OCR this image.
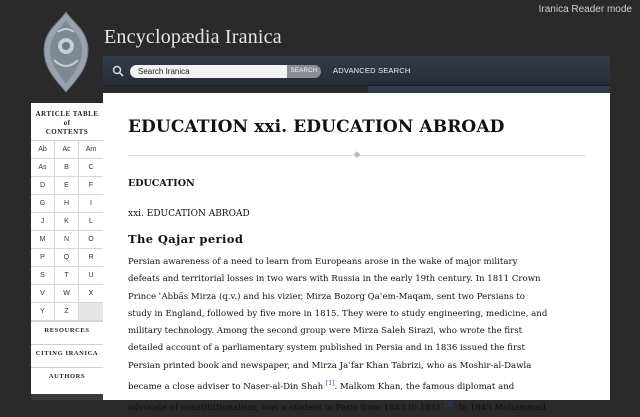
Iranica Reader mode
Encyclopædia Iranica
Search Iranica	SEARCH	ADVANCED SEARCH
ARTICLE TABLE
of
CONTENTS
Ab	Ac	Am
As	B	C
D	E	F
G	H	I
J	K	L
M	N	O
P	Q	R
S	T	U
V	W	X
Y	Z
RESOURCES
CITING IRANICA
AUTHORS
EDUCATION xxi. EDUCATION ABROAD
◆
EDUCATION
xxi. EDUCATION ABROAD
The Qajar period
Persian awareness of a need to learn from Europeans arose in the wake of major military
defeats and territorial losses in two wars with Russia in the early 19th century. In 1811 Crown
Prince ʿAbbās Mirza (q.v.) and his vizier, Mirza Bozorg Qaʾem-Maqam, sent two Persians to
study in England, followed by five more in 1815. They were to study engineering, medicine, and
military technology. Among the second group were Mirza Saleh Sirazi, who wrote the first
detailed account of a parliamentary system published in Persia and in 1836 issued the first
Persian printed book and newspaper, and Mirza Jaʿfar Khan Tabrizi, who as Moshir-al-Dawla
became a close adviser to Naser-al-Din Shah [1]. Malkom Khan, the famous diplomat and
advocate of constitutionalism, was a student in Paris from 1843 to 1851 [2]. In 1845 Mohammad
